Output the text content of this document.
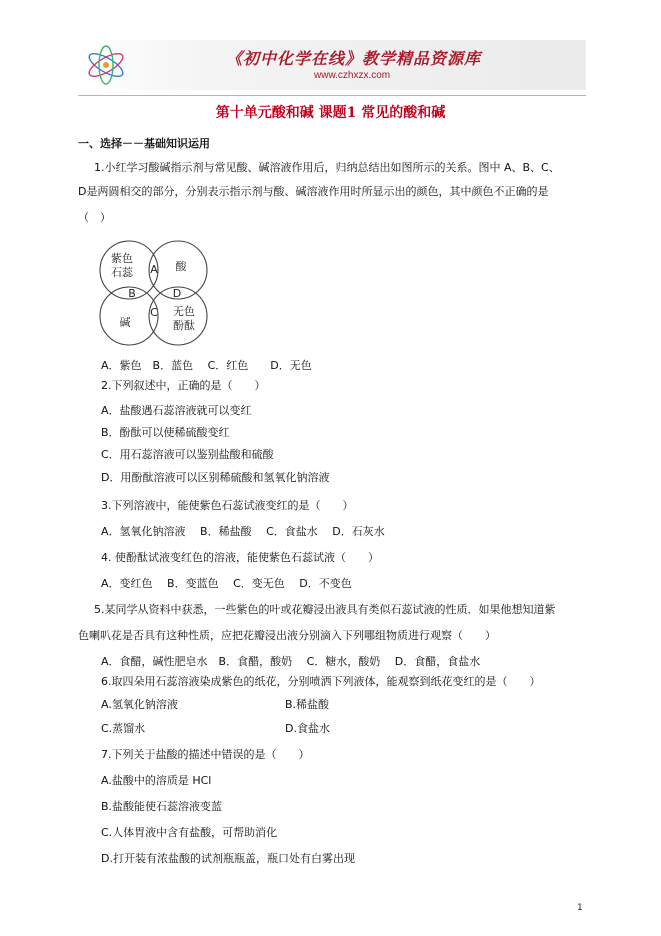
《初中化学在线》教学精品资源库
www.czhxzx.com
第十单元酸和碱 课题1 常见的酸和碱
一、选择－－基础知识运用
1.小红学习酸碱指示剂与常见酸、碱溶液作用后，归纳总结出如图所示的关系。图中 A、B、C、
D是两圆相交的部分，分别表示指示剂与酸、碱溶液作用时所显示出的颜色，其中颜色不正确的是
（　）
紫色
石蕊	酸
碱
无色
酚酞
A
B
C
D
A．紫色　B．蓝色　 C．红色　　D．无色
2.下列叙述中，正确的是（　　）
A．盐酸遇石蕊溶液就可以变红
B．酚酞可以使稀硫酸变红
C．用石蕊溶液可以鉴别盐酸和硫酸
D．用酚酞溶液可以区别稀硫酸和氢氧化钠溶液
3.下列溶液中，能使紫色石蕊试液变红的是（　　）
A．氢氧化钠溶液　 B．稀盐酸　 C．食盐水　 D．石灰水
4. 使酚酞试液变红色的溶液，能使紫色石蕊试液（　　）
A．变红色　 B．变蓝色　 C．变无色　 D．不变色
5.某同学从资料中获悉，一些紫色的叶或花瓣浸出液具有类似石蕊试液的性质．如果他想知道紫
色喇叭花是否具有这种性质，应把花瓣浸出液分别滴入下列哪组物质进行观察（　　）
A．食醋，碱性肥皂水　B．食醋，酸奶　 C．糖水，酸奶　 D．食醋，食盐水
6.取四朵用石蕊溶液染成紫色的纸花，分别喷洒下列液体，能观察到纸花变红的是（　　）
A.氢氧化钠溶液	B.稀盐酸
C.蒸馏水	D.食盐水
7.下列关于盐酸的描述中错误的是（　　）
A.盐酸中的溶质是 HCl
B.盐酸能使石蕊溶液变蓝
C.人体胃液中含有盐酸，可帮助消化
D.打开装有浓盐酸的试剂瓶瓶盖，瓶口处有白雾出现
1
